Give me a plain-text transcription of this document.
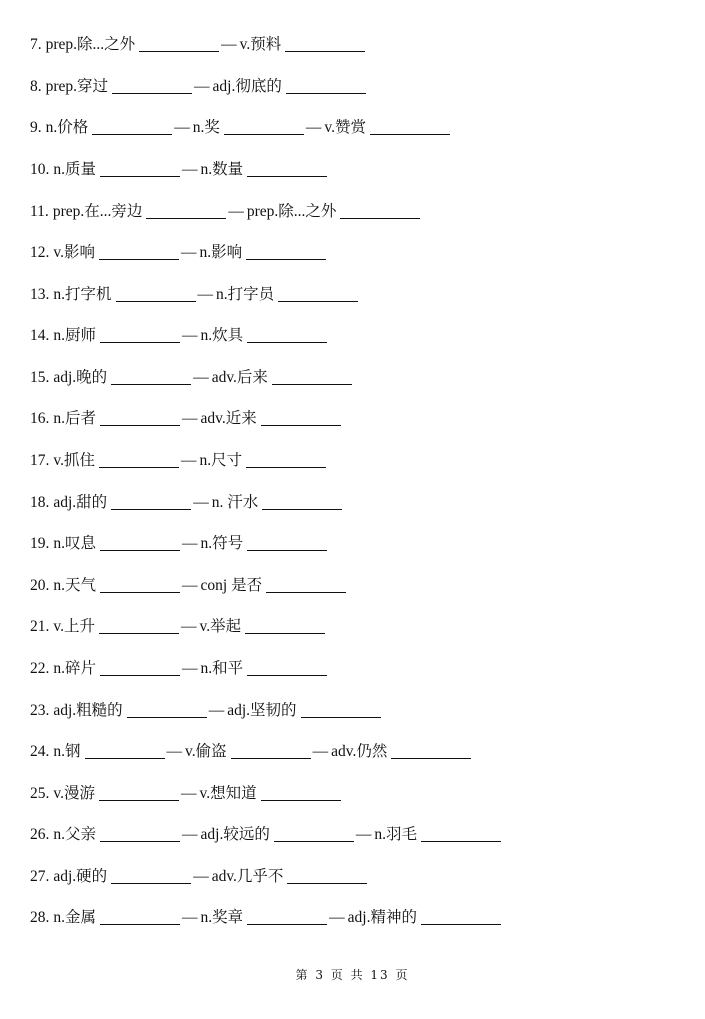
7. prep.除...之外	— v.预料
8. prep.穿过	— adj.彻底的
9. n.价格	— n.奖	— v.赞赏
10. n.质量	— n.数量
11. prep.在...旁边	— prep.除...之外
12. v.影响	— n.影响
13. n.打字机	— n.打字员
14. n.厨师	— n.炊具
15. adj.晚的	— adv.后来
16. n.后者	— adv.近来
17. v.抓住	— n.尺寸
18. adj.甜的	— n. 汗水
19. n.叹息	— n.符号
20. n.天气	— conj 是否
21. v.上升	— v.举起
22. n.碎片	— n.和平
23. adj.粗糙的	— adj.坚韧的
24. n.钢	— v.偷盗	— adv.仍然
25. v.漫游	— v.想知道
26. n.父亲	— adj.较远的	— n.羽毛
27. adj.硬的	— adv.几乎不
28. n.金属	— n.奖章	— adj.精神的
第 3 页 共 13 页
